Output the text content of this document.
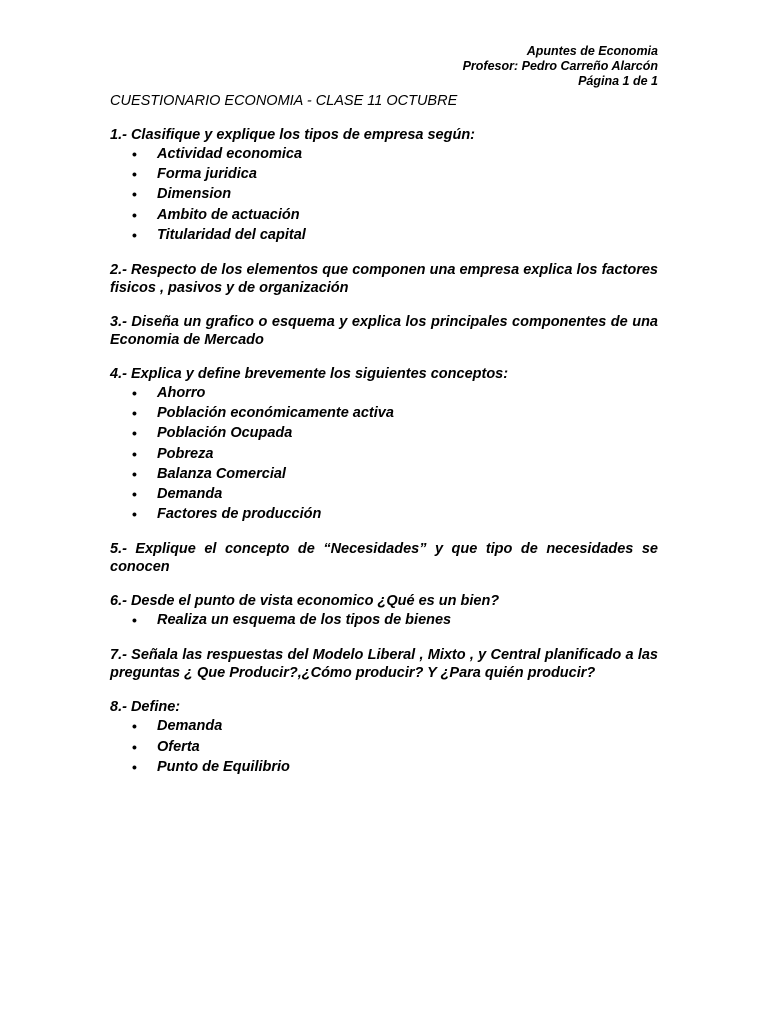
Apuntes de Economia
Profesor: Pedro Carreño Alarcón
Página 1 de 1
CUESTIONARIO ECONOMIA - CLASE 11 OCTUBRE

1.- Clasifique y explique los tipos de empresa según:

• Actividad economica
• Forma juridica
• Dimension
• Ambito de actuación
• Titularidad del capital

2.- Respecto de los elementos que componen una empresa explica los factores fisicos , pasivos y de organización

3.- Diseña un grafico o esquema y explica los principales componentes de una Economia de Mercado

4.- Explica y define brevemente los siguientes conceptos:

• Ahorro
• Población económicamente activa
• Población Ocupada
• Pobreza
• Balanza Comercial
• Demanda
• Factores de producción

5.- Explique el concepto de “Necesidades” y que tipo de necesidades se conocen

6.- Desde el punto de vista economico ¿Qué es un bien?

• Realiza un esquema de los tipos de bienes

7.- Señala las respuestas del Modelo Liberal , Mixto , y Central planificado a las preguntas ¿ Que Producir?,¿Cómo producir? Y ¿Para quién producir?

8.- Define:

• Demanda
• Oferta
• Punto de Equilibrio
